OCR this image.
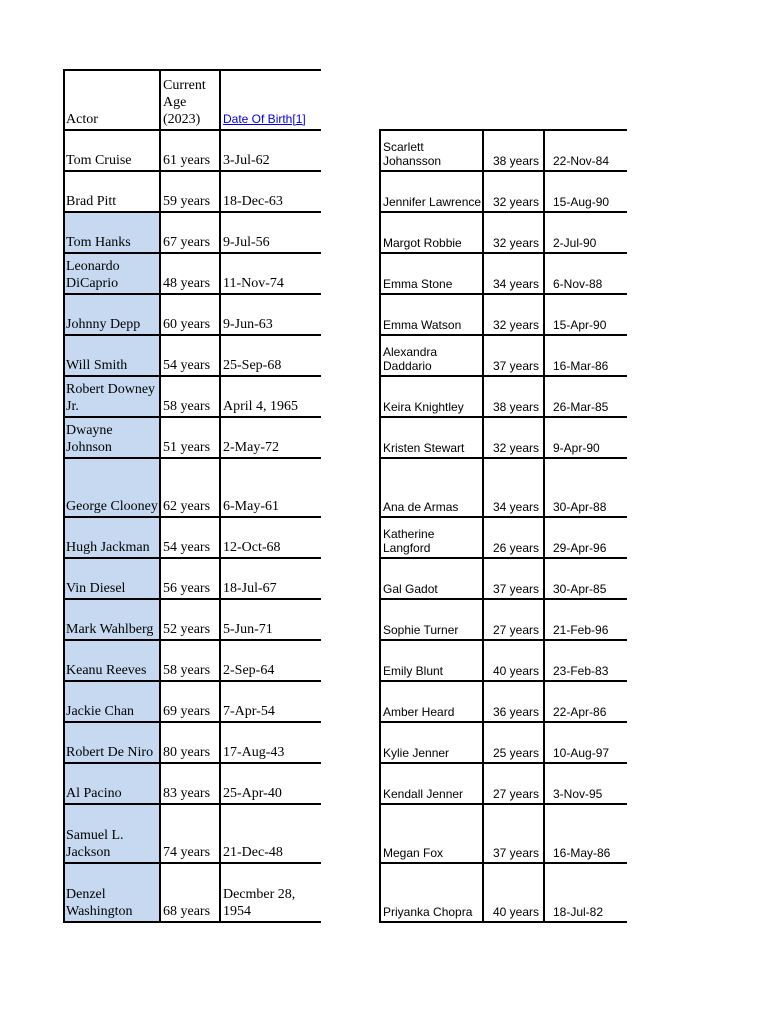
Actor	Current Age (2023)	Date Of Birth[1]
Tom Cruise	61 years	3-Jul-62
Brad Pitt	59 years	18-Dec-63
Tom Hanks	67 years	9-Jul-56
Leonardo DiCaprio	48 years	11-Nov-74
Johnny Depp	60 years	9-Jun-63
Will Smith	54 years	25-Sep-68
Robert Downey Jr.	58 years	April 4, 1965
Dwayne Johnson	51 years	2-May-72
George Clooney	62 years	6-May-61
Hugh Jackman	54 years	12-Oct-68
Vin Diesel	56 years	18-Jul-67
Mark Wahlberg	52 years	5-Jun-71
Keanu Reeves	58 years	2-Sep-64
Jackie Chan	69 years	7-Apr-54
Robert De Niro	80 years	17-Aug-43
Al Pacino	83 years	25-Apr-40
Samuel L. Jackson	74 years	21-Dec-48
Denzel Washington	68 years	Decmber 28, 1954
Scarlett Johansson	38 years	22-Nov-84
Jennifer Lawrence	32 years	15-Aug-90
Margot Robbie	32 years	2-Jul-90
Emma Stone	34 years	6-Nov-88
Emma Watson	32 years	15-Apr-90
Alexandra Daddario	37 years	16-Mar-86
Keira Knightley	38 years	26-Mar-85
Kristen Stewart	32 years	9-Apr-90
Ana de Armas	34 years	30-Apr-88
Katherine Langford	26 years	29-Apr-96
Gal Gadot	37 years	30-Apr-85
Sophie Turner	27 years	21-Feb-96
Emily Blunt	40 years	23-Feb-83
Amber Heard	36 years	22-Apr-86
Kylie Jenner	25 years	10-Aug-97
Kendall Jenner	27 years	3-Nov-95
Megan Fox	37 years	16-May-86
Priyanka Chopra	40 years	18-Jul-82
